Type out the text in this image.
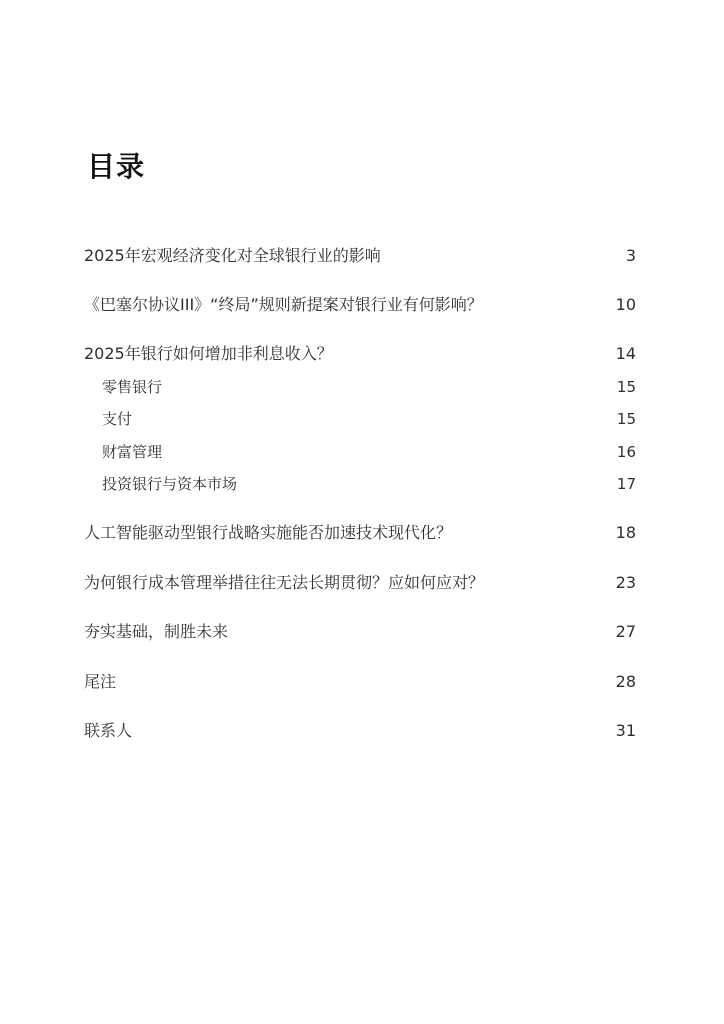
目录
2025年宏观经济变化对全球银行业的影响	3
《巴塞尔协议III》“终局”规则新提案对银行业有何影响？	10
2025年银行如何增加非利息收入？	14
零售银行	15
支付	15
财富管理	16
投资银行与资本市场	17
人工智能驱动型银行战略实施能否加速技术现代化？	18
为何银行成本管理举措往往无法长期贯彻？应如何应对？	23
夯实基础，制胜未来	27
尾注	28
联系人	31
